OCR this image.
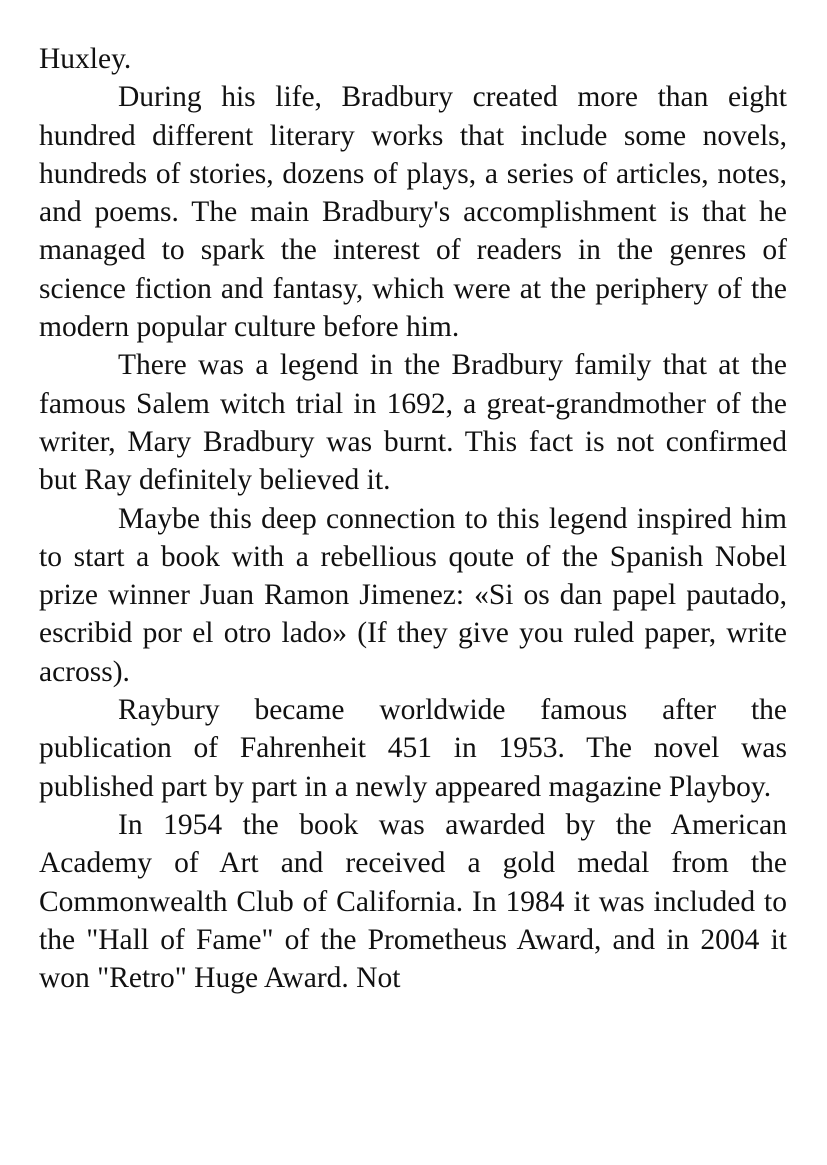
Huxley.

During his life, Bradbury created more than eight hundred different literary works that include some novels, hundreds of stories, dozens of plays, a series of articles, notes, and poems. The main Bradbury's accomplishment is that he managed to spark the interest of readers in the genres of science fiction and fantasy, which were at the periphery of the modern popular culture before him.

There was a legend in the Bradbury family that at the famous Salem witch trial in 1692, a great-grandmother of the writer, Mary Bradbury was burnt. This fact is not confirmed but Ray definitely believed it.

Maybe this deep connection to this legend inspired him to start a book with a rebellious qoute of the Spanish Nobel prize winner Juan Ramon Jimenez: «Si os dan papel pautado, escribid por el otro lado» (If they give you ruled paper, write across).

Raybury became worldwide famous after the publication of Fahrenheit 451 in 1953. The novel was published part by part in a newly appeared magazine Playboy.

In 1954 the book was awarded by the American Academy of Art and received a gold medal from the Commonwealth Club of California. In 1984 it was included to the "Hall of Fame" of the Prometheus Award, and in 2004 it won "Retro" Huge Award. Not
